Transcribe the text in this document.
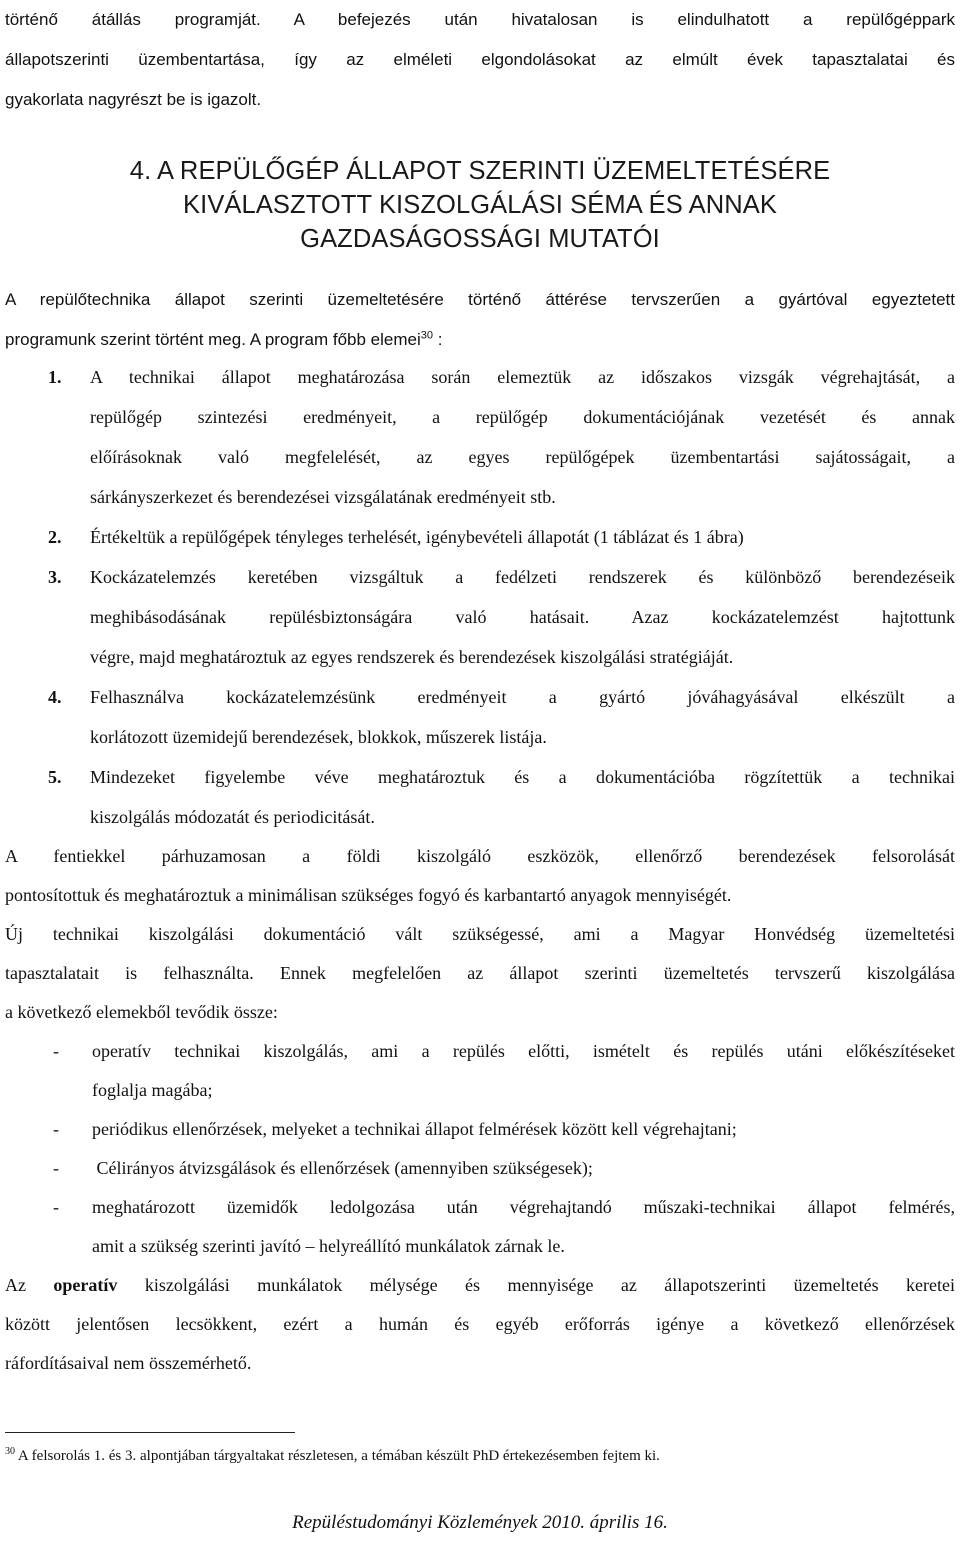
történő átállás programját. A befejezés után hivatalosan is elindulhatott a repülőgéppark
állapotszerinti üzembentartása, így az elméleti elgondolásokat az elmúlt évek tapasztalatai és
gyakorlata nagyrészt be is igazolt.
4. A REPÜLŐGÉP ÁLLAPOT SZERINTI ÜZEMELTETÉSÉRE
KIVÁLASZTOTT KISZOLGÁLÁSI SÉMA ÉS ANNAK
GAZDASÁGOSSÁGI MUTATÓI
A repülőtechnika állapot szerinti üzemeltetésére történő áttérése tervszerűen a gyártóval egyeztetett
programunk szerint történt meg. A program főbb elemei$^{30}$ :
1. A technikai állapot meghatározása során elemeztük az időszakos vizsgák végrehajtását, a
repülőgép szintezési eredményeit, a repülőgép dokumentációjának vezetését és annak
előírásoknak való megfelelését, az egyes repülőgépek üzembentartási sajátosságait, a
sárkányszerkezet és berendezései vizsgálatának eredményeit stb.
2. Értékeltük a repülőgépek tényleges terhelését, igénybevételi állapotát (1 táblázat és 1 ábra)
3. Kockázatelemzés keretében vizsgáltuk a fedélzeti rendszerek és különböző berendezéseik
meghibásodásának repülésbiztonságára való hatásait. Azaz kockázatelemzést hajtottunk
végre, majd meghatároztuk az egyes rendszerek és berendezések kiszolgálási stratégiáját.
4. Felhasználva kockázatelemzésünk eredményeit a gyártó jóváhagyásával elkészült a
korlátozott üzemidejű berendezések, blokkok, műszerek listája.
5. Mindezeket figyelembe véve meghatároztuk és a dokumentációba rögzítettük a technikai
kiszolgálás módozatát és periodicitását.
A fentiekkel párhuzamosan a földi kiszolgáló eszközök, ellenőrző berendezések felsorolását
pontosítottuk és meghatároztuk a minimálisan szükséges fogyó és karbantartó anyagok mennyiségét.
Új technikai kiszolgálási dokumentáció vált szükségessé, ami a Magyar Honvédség üzemeltetési
tapasztalatait is felhasználta. Ennek megfelelően az állapot szerinti üzemeltetés tervszerű kiszolgálása
a következő elemekből tevődik össze:
- operatív technikai kiszolgálás, ami a repülés előtti, ismételt és repülés utáni előkészítéseket
foglalja magába;
- periódikus ellenőrzések, melyeket a technikai állapot felmérések között kell végrehajtani;
- Célirányos átvizsgálások és ellenőrzések (amennyiben szükségesek);
- meghatározott üzemidők ledolgozása után végrehajtandó műszaki-technikai állapot felmérés,
amit a szükség szerinti javító – helyreállító munkálatok zárnak le.
Az operatív kiszolgálási munkálatok mélysége és mennyisége az állapotszerinti üzemeltetés keretei
között jelentősen lecsökkent, ezért a humán és egyéb erőforrás igénye a következő ellenőrzések
ráfordításaival nem összemérhető.
$^{30}$ A felsorolás 1. és 3. alpontjában tárgyaltakat részletesen, a témában készült PhD értekezésemben fejtem ki.
Repüléstudományi Közlemények 2010. április 16.
